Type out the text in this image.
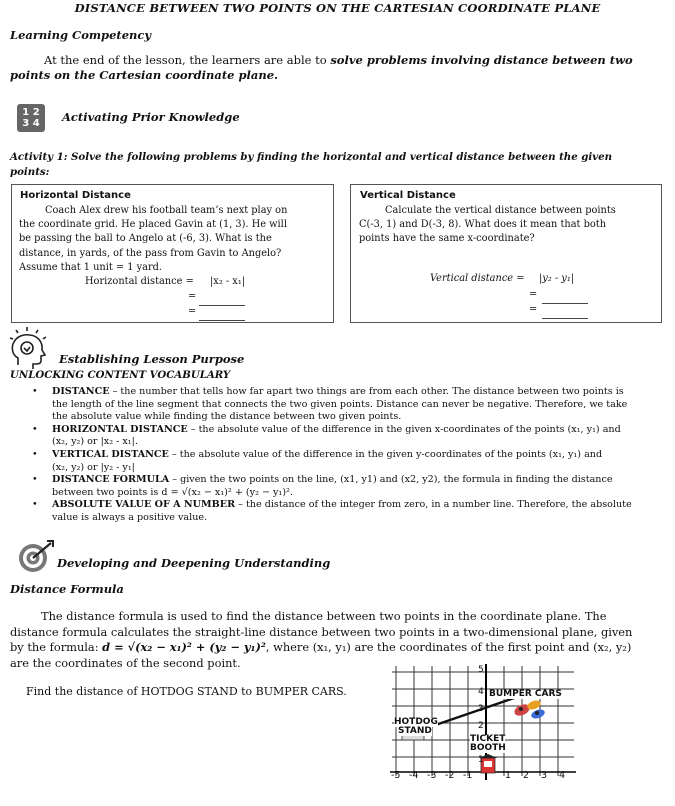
DISTANCE BETWEEN TWO POINTS ON THE CARTESIAN COORDINATE PLANE
Learning Competency
At the end of the lesson, the learners are able to solve problems involving distance between two
points on the Cartesian coordinate plane.
1 2
3 4	Activating Prior Knowledge
Activity 1: Solve the following problems by finding the horizontal and vertical distance between the given
points:
Horizontal Distance
Coach Alex drew his football team’s next play on
the coordinate grid. He placed Gavin at (1, 3). He will
be passing the ball to Angelo at (-6, 3). What is the
distance, in yards, of the pass from Gavin to Angelo?
Assume that 1 unit = 1 yard.
Horizontal distance = |x₂ - x₁|
=
=
Vertical Distance
Calculate the vertical distance between points
C(-3, 1) and D(-3, 8). What does it mean that both
points have the same x-coordinate?
Vertical distance = |y₂ - y₁|
=
=
Establishing Lesson Purpose
UNLOCKING CONTENT VOCABULARY
• DISTANCE – the number that tells how far apart two things are from each other. The distance between two points is
the length of the line segment that connects the two given points. Distance can never be negative. Therefore, we take
the absolute value while finding the distance between two given points.
• HORIZONTAL DISTANCE – the absolute value of the difference in the given x-coordinates of the points (x₁, y₁) and
(x₂, y₂) or |x₂ - x₁|.
• VERTICAL DISTANCE – the absolute value of the difference in the given y-coordinates of the points (x₁, y₁) and
(x₂, y₂) or |y₂ - y₁|
• DISTANCE FORMULA – given the two points on the line, (x1, y1) and (x2, y2), the formula in finding the distance
between two points is d = √(x₂ − x₁)² + (y₂ − y₁)².
• ABSOLUTE VALUE OF A NUMBER – the distance of the integer from zero, in a number line. Therefore, the absolute
value is always a positive value.
Developing and Deepening Understanding
Distance Formula
The distance formula is used to find the distance between two points in the coordinate plane. The
distance formula calculates the straight-line distance between two points in a two-dimensional plane, given
by the formula: d = √(x₂ − x₁)² + (y₂ − y₁)², where (x₁, y₁) are the coordinates of the first point and (x₂, y₂)
are the coordinates of the second point.
Find the distance of HOTDOG STAND to BUMPER CARS.	BUMPER CARS
HOTDOG
STAND
TICKET
BOOTH
5
4
3
2
1
-5 -4 -3 -2 -1	1 2 3 4
